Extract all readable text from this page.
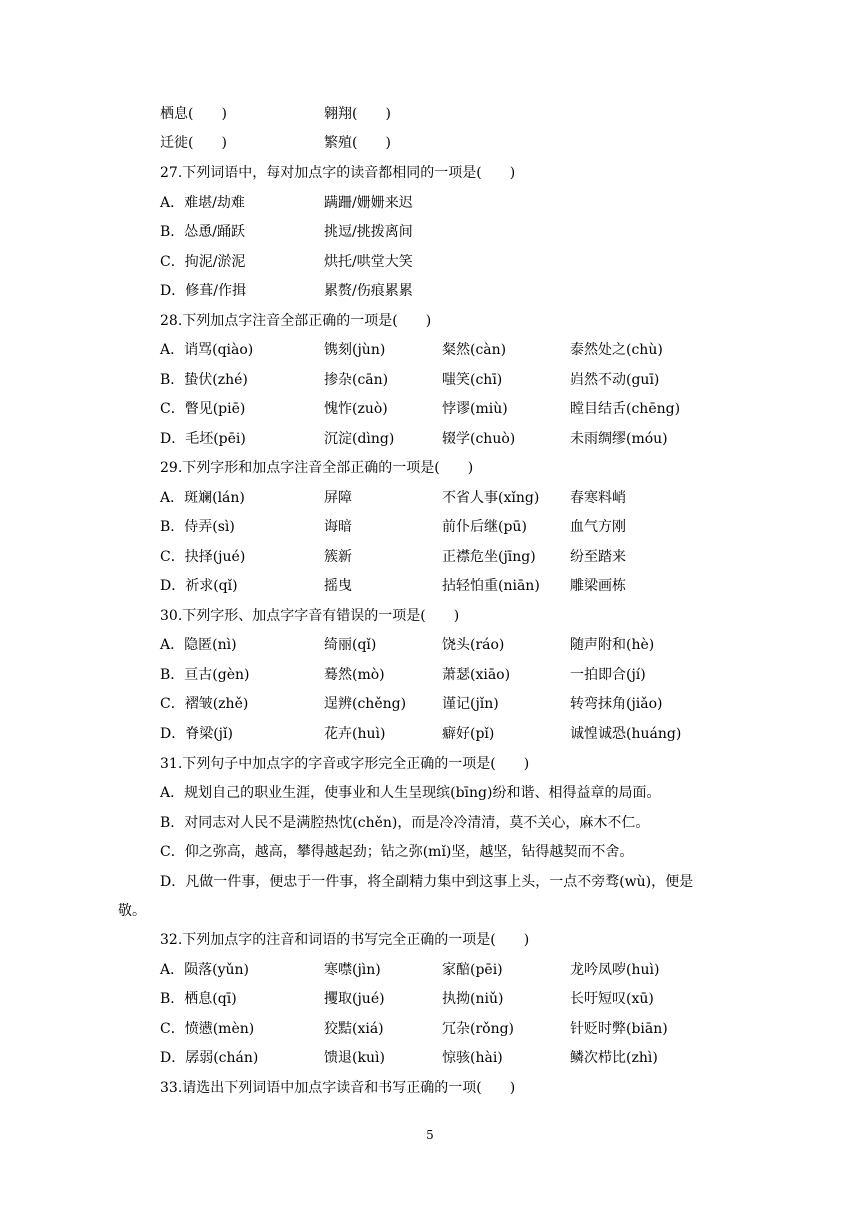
栖息(　　)	翱翔(　　)
迁徙(　　)	繁殖(　　)
27.下列词语中，每对加点字的读音都相同的一项是(　　)
A．难堪/劫难	蹒跚/姗姗来迟
B．怂恿/踊跃	挑逗/挑拨离间
C．拘泥/淤泥	烘托/哄堂大笑
D．修葺/作揖	累赘/伤痕累累
28.下列加点字注音全部正确的一项是(　　)
A．诮骂(qiào)	镌刻(jùn)	粲然(càn)	泰然处之(chù)
B．蛰伏(zhé)	掺杂(cān)	嗤笑(chī)	岿然不动(guī)
C．瞥见(piē)	愧怍(zuò)	悖谬(miù)	瞠目结舌(chēng)
D．毛坯(pēi)	沉淀(dìng)	辍学(chuò)	未雨绸缪(móu)
29.下列字形和加点字注音全部正确的一项是(　　)
A．斑斓(lán)	屏障	不省人事(xǐng) 春寒料峭
B．侍弄(sì)	诲暗	前仆后继(pū)	血气方刚
C．抉择(jué)	簇新	正襟危坐(jīng) 纷至踏来
D．祈求(qǐ)	摇曳	拈轻怕重(niān) 雕梁画栋
30.下列字形、加点字字音有错误的一项是(　　)
A．隐匿(nì)	绮丽(qǐ)	饶头(ráo)	随声附和(hè)
B．亘古(gèn)	蓦然(mò)	萧瑟(xiāo)	一拍即合(jí)
C．褶皱(zhě)	逞辨(chěng)	谨记(jǐn)	转弯抹角(jiǎo)
D．脊梁(jǐ)	花卉(huì)	癖好(pǐ)	诚惶诚恐(huáng)
31.下列句子中加点字的字音或字形完全正确的一项是(　　)
A．规划自己的职业生涯，使事业和人生呈现缤(bīng)纷和谐、相得益章的局面。
B．对同志对人民不是满腔热忱(chěn)，而是冷冷清清，莫不关心，麻木不仁。
C．仰之弥高，越高，攀得越起劲；钻之弥(mǐ)坚，越坚，钻得越契而不舍。
D．凡做一件事，便忠于一件事，将全副精力集中到这事上头，一点不旁骛(wù)，便是
敬。
32.下列加点字的注音和词语的书写完全正确的一项是(　　)
A．陨落(yǔn)	寒噤(jìn)	家醅(pēi)	龙吟凤哕(huì)
B．栖息(qī)	攫取(jué)	执拗(niǔ)	长吁短叹(xū)
C．愤懑(mèn)	狡黠(xiá)	冗杂(rǒng)	针贬时弊(biān)
D．孱弱(chán)	馈退(kuì)	惊骇(hài)	鳞次栉比(zhì)
33.请选出下列词语中加点字读音和书写正确的一项(　　)
5
